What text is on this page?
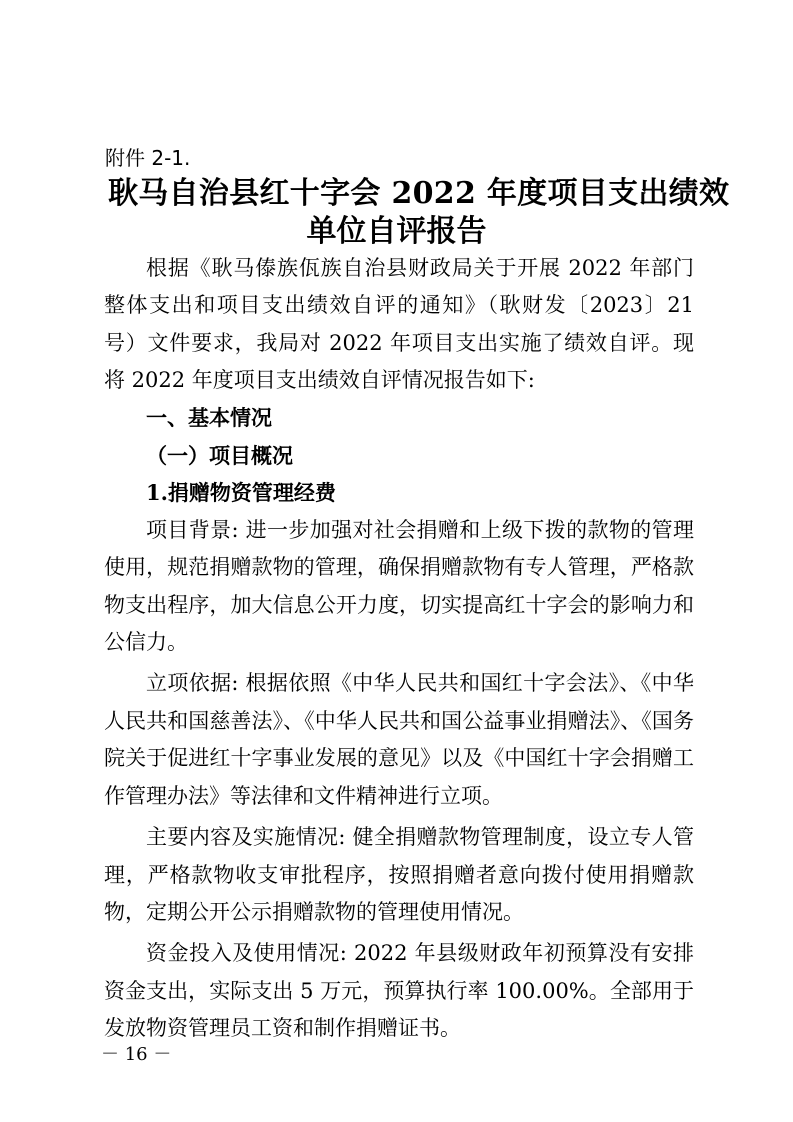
附件 2-1.
耿马自治县红十字会 2022 年度项目支出绩效
单位自评报告

根据《耿马傣族佤族自治县财政局关于开展 2022 年部门整体支出和项目支出绩效自评的通知》（耿财发〔2023〕21 号）文件要求，我局对 2022 年项目支出实施了绩效自评。现将 2022 年度项目支出绩效自评情况报告如下:

一、基本情况

（一）项目概况

1.捐赠物资管理经费

项目背景: 进一步加强对社会捐赠和上级下拨的款物的管理使用，规范捐赠款物的管理，确保捐赠款物有专人管理，严格款物支出程序，加大信息公开力度，切实提高红十字会的影响力和公信力。

立项依据: 根据依照《中华人民共和国红十字会法》、《中华人民共和国慈善法》、《中华人民共和国公益事业捐赠法》、《国务院关于促进红十字事业发展的意见》以及《中国红十字会捐赠工作管理办法》等法律和文件精神进行立项。

主要内容及实施情况: 健全捐赠款物管理制度，设立专人管理，严格款物收支审批程序，按照捐赠者意向拨付使用捐赠款物，定期公开公示捐赠款物的管理使用情况。

资金投入及使用情况: 2022 年县级财政年初预算没有安排资金支出，实际支出 5 万元，预算执行率 100.00%。全部用于发放物资管理员工资和制作捐赠证书。

－ 16 －
